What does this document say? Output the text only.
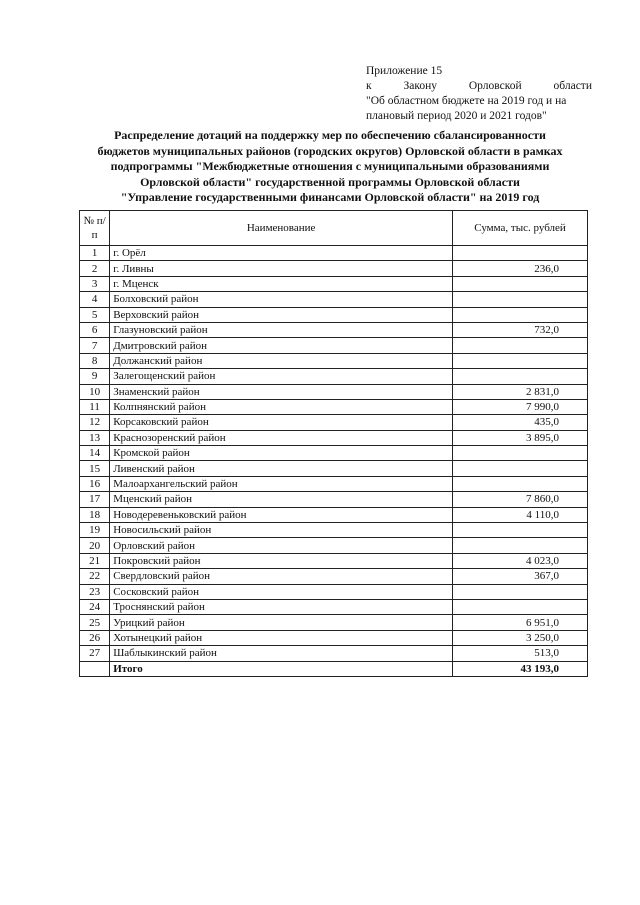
Приложение 15
к	Закону	Орловской	области
"Об областном бюджете на 2019 год и на
плановый период 2020 и 2021 годов"
Распределение дотаций на поддержку мер по обеспечению сбалансированности
бюджетов муниципальных районов (городских округов) Орловской области в рамках
подпрограммы "Межбюджетные отношения с муниципальными образованиями
Орловской области" государственной программы Орловской области
"Управление государственными финансами Орловской области" на 2019 год
№ п/п	Наименование	Сумма, тыс. рублей
1	г. Орёл	
2	г. Ливны	236,0
3	г. Мценск	
4	Болховский район	
5	Верховский район	
6	Глазуновский район	732,0
7	Дмитровский район	
8	Должанский район	
9	Залегощенский район	
10	Знаменский район	2 831,0
11	Колпнянский район	7 990,0
12	Корсаковский район	435,0
13	Краснозоренский район	3 895,0
14	Кромской район	
15	Ливенский район	
16	Малоархангельский район	
17	Мценский район	7 860,0
18	Новодеревеньковский район	4 110,0
19	Новосильский район	
20	Орловский район	
21	Покровский район	4 023,0
22	Свердловский район	367,0
23	Сосковский район	
24	Троснянский район	
25	Урицкий район	6 951,0
26	Хотынецкий район	3 250,0
27	Шаблыкинский район	513,0
	Итого	43 193,0
